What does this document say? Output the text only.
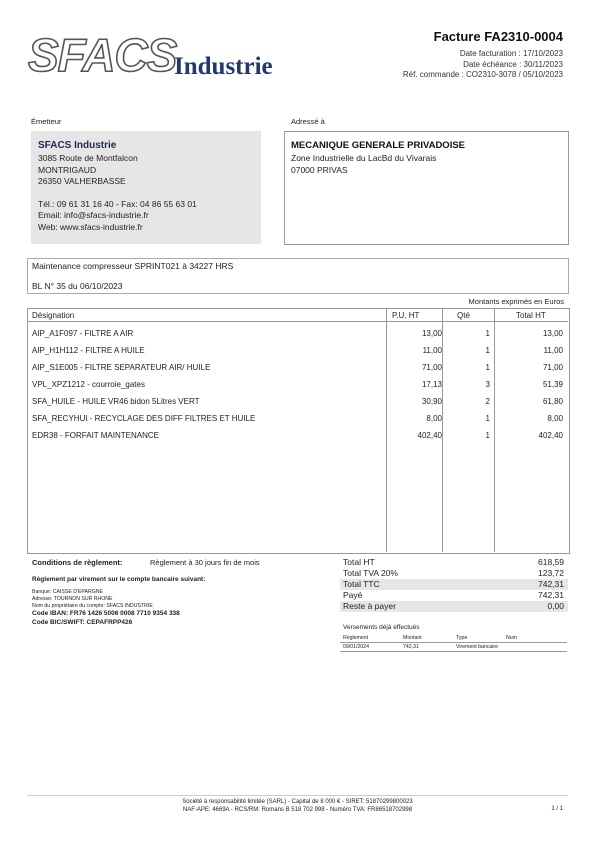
SFACS
Industrie
Facture FA2310-0004
Date facturation : 17/10/2023
Date échéance : 30/11/2023
Réf. commande : CO2310-3078 / 05/10/2023
Émetteur	Adressé à
SFACS Industrie
3085 Route de Montfalcon
MONTRIGAUD
26350 VALHERBASSE
Tél.: 09 61 31 16 40 - Fax: 04 86 55 63 01
Email: info@sfacs-industrie.fr
Web: www.sfacs-industrie.fr
MECANIQUE GENERALE PRIVADOISE
Zone Industrielle du LacBd du Vivarais
07000 PRIVAS
Maintenance compresseur SPRINT021 à 34227 HRS
BL N° 35 du 06/10/2023
Montants exprimés en Euros
Désignation	P.U. HT	Qté	Total HT
AIP_A1F097 - FILTRE A AIR	13,00	1	13,00
AIP_H1H112 - FILTRE A HUILE	11,00	1	11,00
AIP_S1E005 - FILTRE SEPARATEUR AIR/ HUILE	71,00	1	71,00
VPL_XPZ1212 - courroie_gates	17,13	3	51,39
SFA_HUILE - HUILE VR46 bidon 5Litres VERT	30,90	2	61,80
SFA_RECYHUI - RECYCLAGE DES DIFF FILTRES ET HUILE	8,00	1	8,00
EDR38 - FORFAIT MAINTENANCE	402,40	1	402,40
Conditions de règlement:	Règlement à 30 jours fin de mois
Règlement par virement sur le compte bancaire suivant:
Banque: CAISSE D'EPARGNE
Adresse: TOURNON SUR RHONE
Nom du propriétaire du compte: SFACS INDUSTRIE
Code IBAN: FR76 1426 5006 0008 7710 9354 338
Code BIC/SWIFT: CEPAFRPP426
Total HT	618,59
Total TVA 20%	123,72
Total TTC	742,31
Payé	742,31
Reste à payer	0,00
Versements déjà effectués
Règlement	Montant	Type	Num
09/01/2024	742,31	Virement bancaire
Société à responsabilité limitée (SARL) - Capital de 8 000 € - SIRET: 51870299800023
NAF-APE: 4669A - RCS/RM: Romans B 518 702 998 - Numéro TVA: FR86518702998	1 / 1
